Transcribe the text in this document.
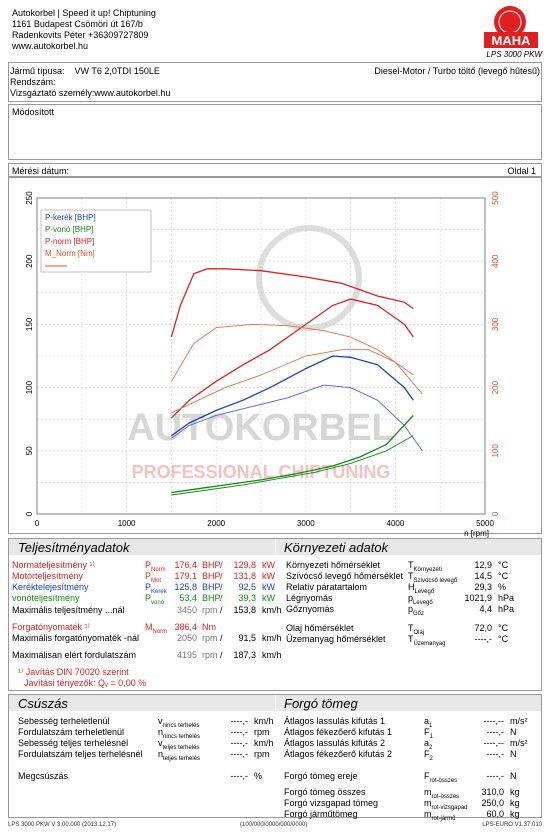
Autokorbel | Speed it up! Chiptuning
1161 Budapest Csömöri út 167/b
Radenkovits Péter +36309727809
www.autokorbel.hu	MAHA
LPS 3000 PKW
Jármű típusa: VW T6 2,0TDI 150LE
Rendszám:
Vizsgáztató személy:www.autokorbel.hu
Diesel-Motor / Turbo töltő (levegő hűtésű)
Módosított
Mérési dátum:	Oldal 1
AUTOKORBEL
PROFESSIONAL CHIPTUNING
0	1000	2000	3000	4000	5000
0
50
100
150
200
250
0
100
200
300
400
500
n [rpm]
P-kerék [BHP]
P-vonó [BHP]
P-norm [BHP]
M_Norm [Nm]
Teljesítményadatok	Környezeti adatok
Normateljesítmény ¹⁾	$P_{Norm}$ 176,4 BHP /	129,8 kW
Motorteljesítmény	$P_{Mot}$	179,1 BHP /	131,8 kW
Keréktelejesítmény	$P_{Kerek}$ 125,8 BHP /	92,5 kW
vonóteljesítmény	$P_{vonó}$	53,4 BHP /	39,3 kW
Maximális teljesítmény ...nál	3450 rpm /	153,8 km/h
Forgatónyomaték ¹⁾	$M_{Norm}$ 386,4 Nm
Maximális forgatónyomaték -nál	2050 rpm /	91,5 km/h
Maximálisan elért fordulatszám	4195 rpm /	187,3 km/h
¹⁾ Javítás DIN 70020 szerint
Javítási tényezők: Qᵥ = 0,00 %
Környezeti hőmérséklet	$T_{Környezeti}$	12,9 °C
Szívócső levegő hőmérséklet $T_{Szívócső levegő}$	14,5 °C
Relatív páratartalom	$H_{Levegő}$	29,3 %
Légnyomás	$p_{Levegő}$	1021,9 hPa
Gőznyomás	$p_{Gőz}$	4,4 hPa
Olaj hőmérséklet	$T_{Olaj}$	72,0 °C
Üzemanyag hőmérséklet $T_{Üzemanyag}$	----,- °C
Csúszás	Forgó tömeg
Sebesség terheletlenül	$v_{nincs terhelés}$	----,- km/h
Fordulatszám terheletlenül	$n_{nincs terhelés}$	----,- rpm
Sebesség teljes terhelésnél	$v_{teljes terhelés}$	----,- km/h
Fordulatszám teljes terhelésnél $n_{teljes terhelés}$	----,- rpm
Megcsúszás	----,- %
Átlagos lassulás kifutás 1	$a_1$	----,-- m/s²
Átlagos fékezőerő kifutás 1	$F_1$	----,- N
Átlagos lassulás kifutás 2	$a_2$	----,-- m/s²
Átlagos fékezőerő kifutás 2	$F_2$	----,- N
Forgó tömeg ereje	$F_{rot-összes}$	----,- N
Forgó tömeg összes	$m_{rot-összes}$	310,0 kg
Forgó vizsgapad tömeg	$m_{rot-vizsgapad}$	250,0 kg
Forgó járműtömeg	$m_{rot-jármű}$	60,0 kg
LPS 3000 PKW V 3.00.000 (2013.12.17)	(100/000/0000/000/0000)	LPS-EURO V1.37.010
